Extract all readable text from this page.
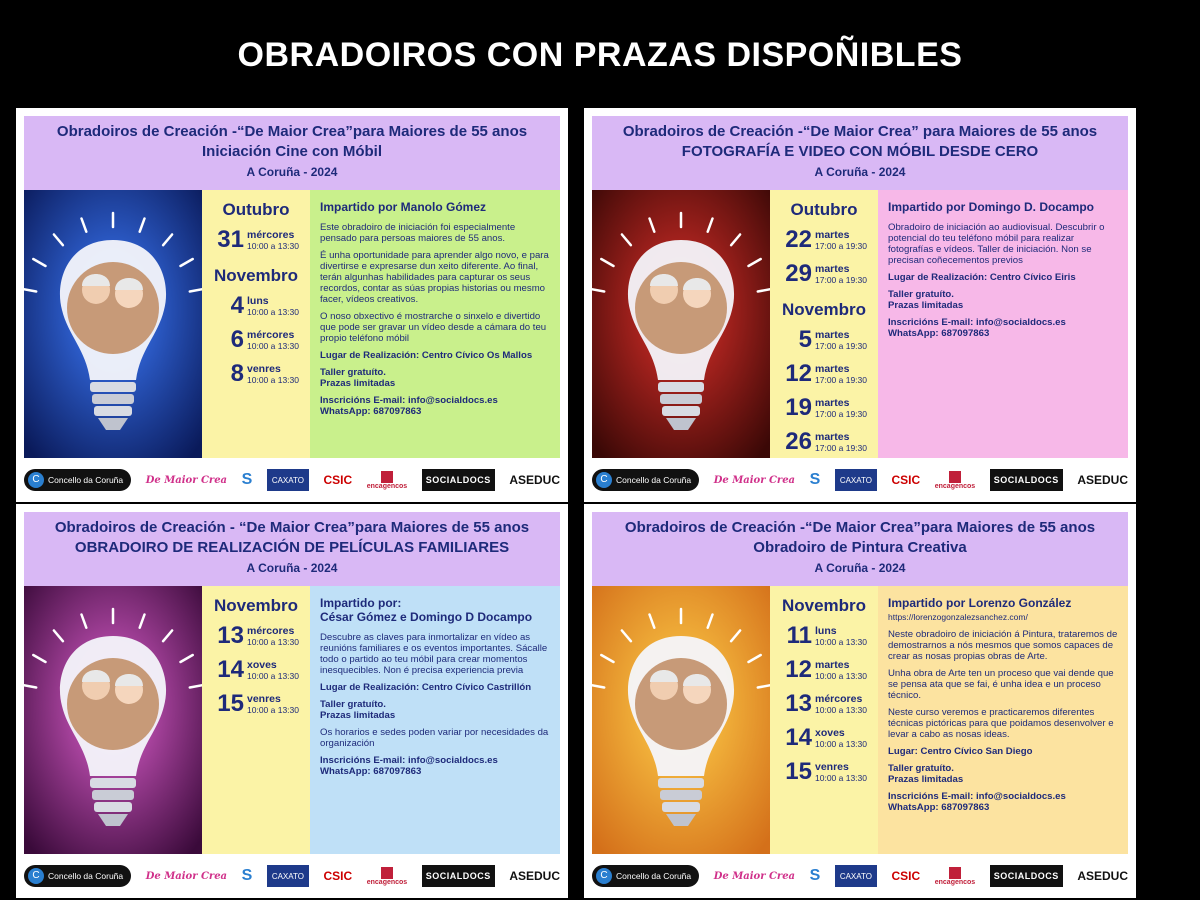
OBRADOIROS CON PRAZAS DISPOÑIBLES
Obradoiros de Creación -“De Maior Crea”para Maiores de 55 anos
Iniciación Cine con Móbil
A Coruña - 2024
Outubro
31 mércores
10:00 a 13:30
Novembro
4 luns
10:00 a 13:30
6 mércores
10:00 a 13:30
8 venres
10:00 a 13:30
Impartido por Manolo Gómez

Este obradoiro de iniciación foi especialmente pensado para persoas maiores de 55 anos.

É unha oportunidade para aprender algo novo, e para divertirse e expresarse dun xeito diferente. Ao final, terán algunhas habilidades para capturar os seus recordos, contar as súas propias historias ou mesmo facer, vídeos creativos.

O noso obxectivo é mostrarche o sinxelo e divertido que pode ser gravar un vídeo desde a cámara do teu propio teléfono móbil

Lugar de Realización: Centro Cívico Os Mallos

Taller gratuíto.
Prazas limitadas

Inscricións E-mail: info@socialdocs.es
WhatsApp: 687097863

C Concello da Coruña De Maior Crea S CAXATO CSIC encagencos
SOCIALDOCS ASEDUC
Obradoiros de Creación -“De Maior Crea” para Maiores de 55 anos
FOTOGRAFÍA E VIDEO CON MÓBIL DESDE CERO
A Coruña - 2024
Outubro
22 martes
17:00 a 19:30
29 martes
17:00 a 19:30
Novembro
5 martes
17:00 a 19:30
12 martes
17:00 a 19:30
19 martes
17:00 a 19:30
26 martes
17:00 a 19:30
Impartido por Domingo D. Docampo

Obradoiro de iniciación ao audiovisual. Descubrir o potencial do teu teléfono móbil para realizar fotografías e vídeos. Taller de iniciación. Non se precisan coñecementos previos

Lugar de Realización: Centro Cívico Eiris

Taller gratuíto.
Prazas limitadas

Inscricións E-mail: info@socialdocs.es
WhatsApp: 687097863

C Concello da Coruña De Maior Crea S CAXATO CSIC encagencos
SOCIALDOCS ASEDUC
Obradoiros de Creación - “De Maior Crea”para Maiores de 55 anos
OBRADOIRO DE REALIZACIÓN DE PELÍCULAS FAMILIARES
A Coruña - 2024
Novembro
13 mércores
10:00 a 13:30
14 xoves
10:00 a 13:30
15 venres
10:00 a 13:30
Impartido por:
César Gómez e Domingo D Docampo

Descubre as claves para inmortalizar en vídeo as reunións familiares e os eventos importantes. Sácalle todo o partido ao teu móbil para crear momentos inesquecibles. Non é precisa experiencia previa

Lugar de Realización: Centro Cívico Castrillón

Taller gratuíto.
Prazas limitadas

Os horarios e sedes poden variar por necesidades da organización

Inscricións E-mail: info@socialdocs.es
WhatsApp: 687097863

C Concello da Coruña De Maior Crea S CAXATO CSIC encagencos
SOCIALDOCS ASEDUC
Obradoiros de Creación -“De Maior Crea”para Maiores de 55 anos
Obradoiro de Pintura Creativa
A Coruña - 2024
Novembro
11 luns
10:00 a 13:30
12 martes
10:00 a 13:30
13 mércores
10:00 a 13:30
14 xoves
10:00 a 13:30
15 venres
10:00 a 13:30
Impartido por Lorenzo González
https://lorenzogonzalezsanchez.com/

Neste obradoiro de iniciación á Pintura, trataremos de demostrarnos a nós mesmos que somos capaces de crear as nosas propias obras de Arte.

Unha obra de Arte ten un proceso que vai dende que se pensa ata que se fai, é unha idea e un proceso técnico.

Neste curso veremos e practicaremos diferentes técnicas pictóricas para que poidamos desenvolver e levar a cabo as nosas ideas.

Lugar: Centro Cívico San Diego

Taller gratuíto.
Prazas limitadas

Inscricións E-mail: info@socialdocs.es
WhatsApp: 687097863

C Concello da Coruña De Maior Crea S CAXATO CSIC encagencos
SOCIALDOCS ASEDUC
